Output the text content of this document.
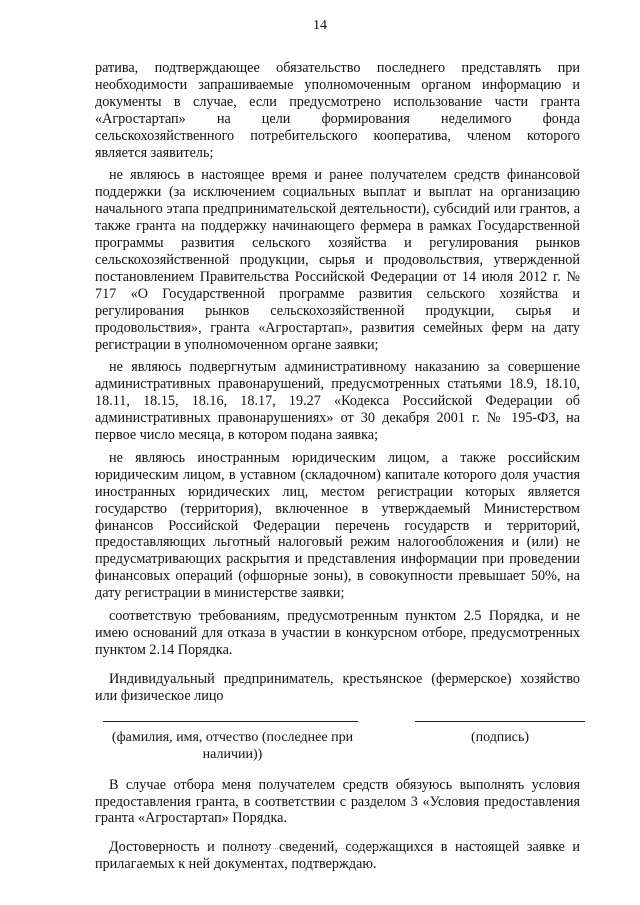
14

ратива, подтверждающее обязательство последнего представлять при необходимости запрашиваемые уполномоченным органом информацию и документы в случае, если предусмотрено использование части гранта «Агростартап» на цели формирования неделимого фонда сельскохозяйственного потребительского кооператива, членом которого является заявитель;

не являюсь в настоящее время и ранее получателем средств финансовой поддержки (за исключением социальных выплат и выплат на организацию начального этапа предпринимательской деятельности), субсидий или грантов, а также гранта на поддержку начинающего фермера в рамках Государственной программы развития сельского хозяйства и регулирования рынков сельскохозяйственной продукции, сырья и продовольствия, утвержденной постановлением Правительства Российской Федерации от 14 июля 2012 г. № 717 «О Государственной программе развития сельского хозяйства и регулирования рынков сельскохозяйственной продукции, сырья и продовольствия», гранта «Агростартап», развития семейных ферм на дату регистрации в уполномоченном органе заявки;

не являюсь подвергнутым административному наказанию за совершение административных правонарушений, предусмотренных статьями 18.9, 18.10, 18.11, 18.15, 18.16, 18.17, 19.27 «Кодекса Российской Федерации об административных правонарушениях» от 30 декабря 2001 г. № 195-ФЗ, на первое число месяца, в котором подана заявка;

не являюсь иностранным юридическим лицом, а также российским юридическим лицом, в уставном (складочном) капитале которого доля участия иностранных юридических лиц, местом регистрации которых является государство (территория), включенное в утверждаемый Министерством финансов Российской Федерации перечень государств и территорий, предоставляющих льготный налоговый режим налогообложения и (или) не предусматривающих раскрытия и представления информации при проведении финансовых операций (офшорные зоны), в совокупности превышает 50%, на дату регистрации в министерстве заявки;

соответствую требованиям, предусмотренным пунктом 2.5 Порядка, и не имею оснований для отказа в участии в конкурсном отборе, предусмотренных пунктом 2.14 Порядка.

Индивидуальный предприниматель, крестьянское (фермерское) хозяйство или физическое лицо

(фамилия, имя, отчество (последнее при наличии))
(подпись)

В случае отбора меня получателем средств обязуюсь выполнять условия предоставления гранта, в соответствии с разделом 3 «Условия предоставления гранта «Агростартап» Порядка.

Достоверность и полноту сведений, содержащихся в настоящей заявке и прилагаемых к ней документах, подтверждаю.
